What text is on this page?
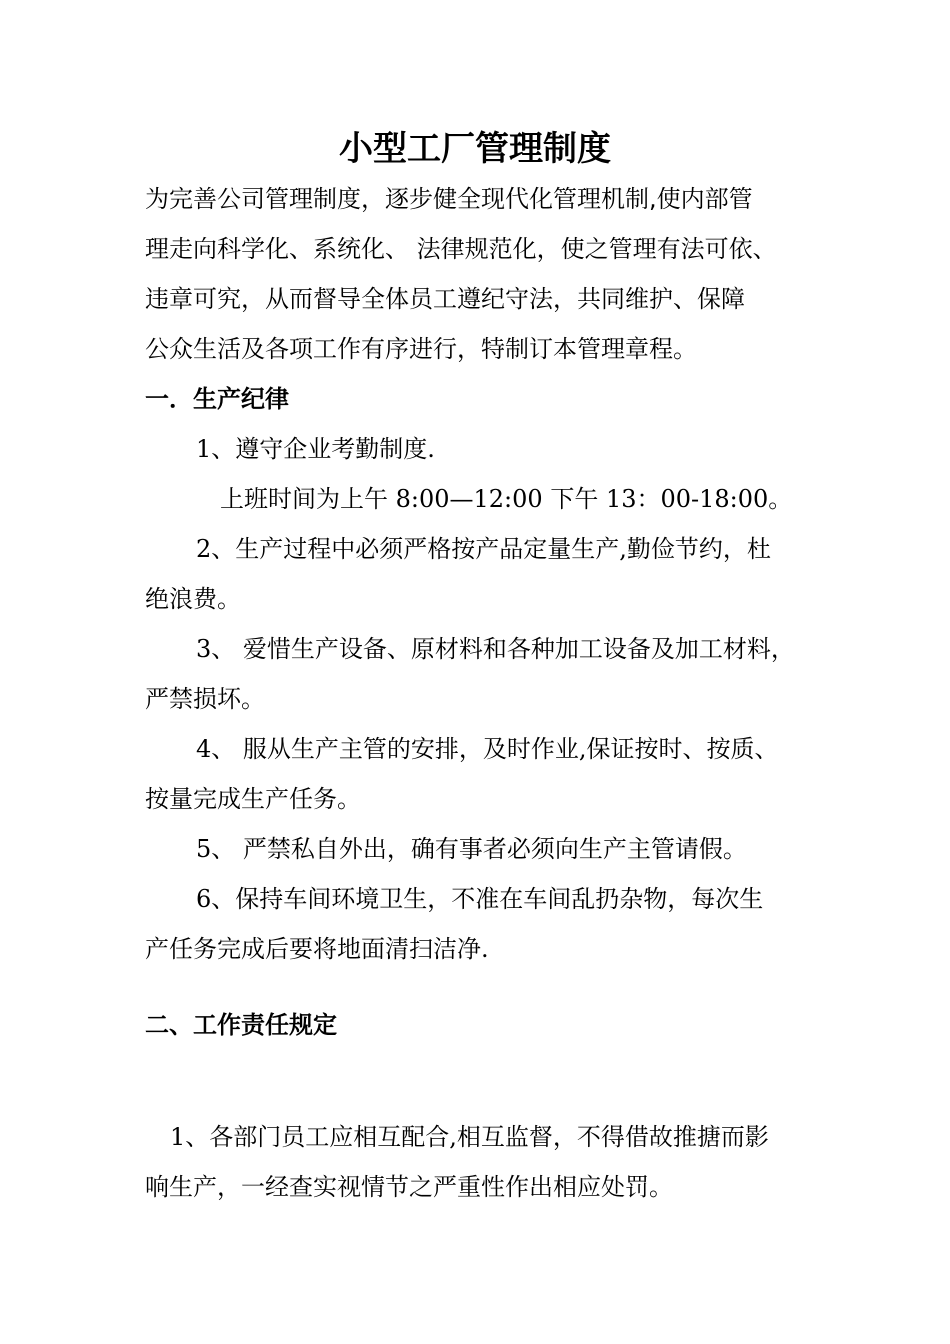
小型工厂管理制度
为完善公司管理制度，逐步健全现代化管理机制,使内部管
理走向科学化、系统化、 法律规范化，使之管理有法可依、
违章可究，从而督导全体员工遵纪守法，共同维护、保障
公众生活及各项工作有序进行，特制订本管理章程。
一．生产纪律
1、遵守企业考勤制度.
上班时间为上午 8:00—12:00 下午 13：00-18:00。
2、生产过程中必须严格按产品定量生产,勤俭节约，杜
绝浪费。
3、 爱惜生产设备、原材料和各种加工设备及加工材料，
严禁损坏。
4、 服从生产主管的安排，及时作业,保证按时、按质、
按量完成生产任务。
5、 严禁私自外出，确有事者必须向生产主管请假。
6、保持车间环境卫生，不准在车间乱扔杂物，每次生
产任务完成后要将地面清扫洁净.
二、工作责任规定
1、各部门员工应相互配合,相互监督，不得借故推搪而影
响生产，一经查实视情节之严重性作出相应处罚。
